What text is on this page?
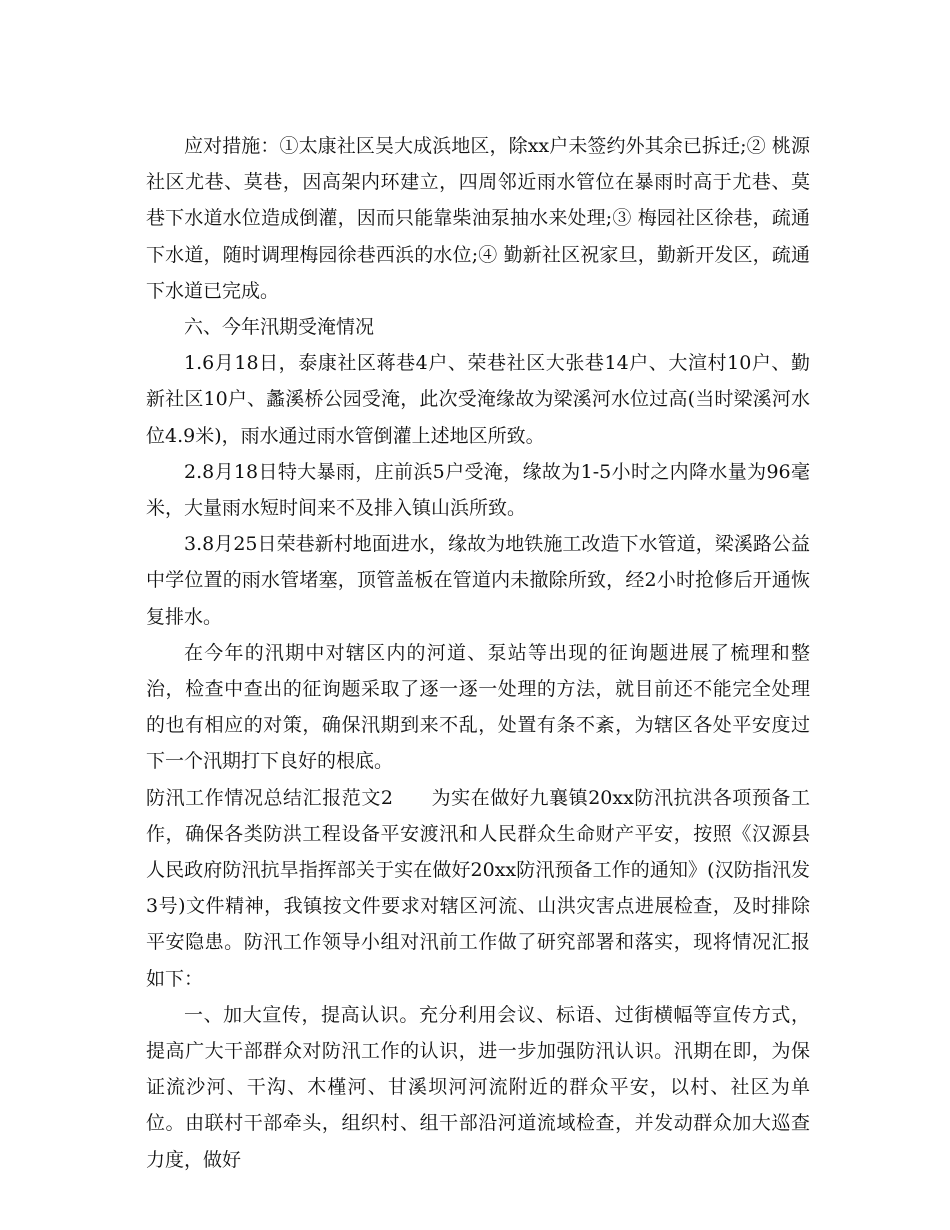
应对措施：①太康社区吴大成浜地区，除xx户未签约外其余已拆迁;② 桃源社区尤巷、莫巷，因高架内环建立，四周邻近雨水管位在暴雨时高于尤巷、莫巷下水道水位造成倒灌，因而只能靠柴油泵抽水来处理;③ 梅园社区徐巷，疏通下水道，随时调理梅园徐巷西浜的水位;④ 勤新社区祝家旦，勤新开发区，疏通下水道已完成。

六、今年汛期受淹情况

1.6月18日，泰康社区蒋巷4户、荣巷社区大张巷14户、大渲村10户、勤新社区10户、蠡溪桥公园受淹，此次受淹缘故为梁溪河水位过高(当时梁溪河水位4.9米)，雨水通过雨水管倒灌上述地区所致。

2.8月18日特大暴雨，庄前浜5户受淹，缘故为1-5小时之内降水量为96毫米，大量雨水短时间来不及排入镇山浜所致。

3.8月25日荣巷新村地面进水，缘故为地铁施工改造下水管道，梁溪路公益中学位置的雨水管堵塞，顶管盖板在管道内未撤除所致，经2小时抢修后开通恢复排水。

在今年的汛期中对辖区内的河道、泵站等出现的征询题进展了梳理和整治，检查中查出的征询题采取了逐一逐一处理的方法，就目前还不能完全处理的也有相应的对策，确保汛期到来不乱，处置有条不紊，为辖区各处平安度过下一个汛期打下良好的根底。

防汛工作情况总结汇报范文2 为实在做好九襄镇20xx防汛抗洪各项预备工作，确保各类防洪工程设备平安渡汛和人民群众生命财产平安，按照《汉源县人民政府防汛抗旱指挥部关于实在做好20xx防汛预备工作的通知》(汉防指汛发3号)文件精神，我镇按文件要求对辖区河流、山洪灾害点进展检查，及时排除平安隐患。防汛工作领导小组对汛前工作做了研究部署和落实，现将情况汇报如下：

一、加大宣传，提高认识。充分利用会议、标语、过街横幅等宣传方式，提高广大干部群众对防汛工作的认识，进一步加强防汛认识。汛期在即，为保证流沙河、干沟、木槿河、甘溪坝河河流附近的群众平安，以村、社区为单位。由联村干部牵头，组织村、组干部沿河道流域检查，并发动群众加大巡查力度，做好
